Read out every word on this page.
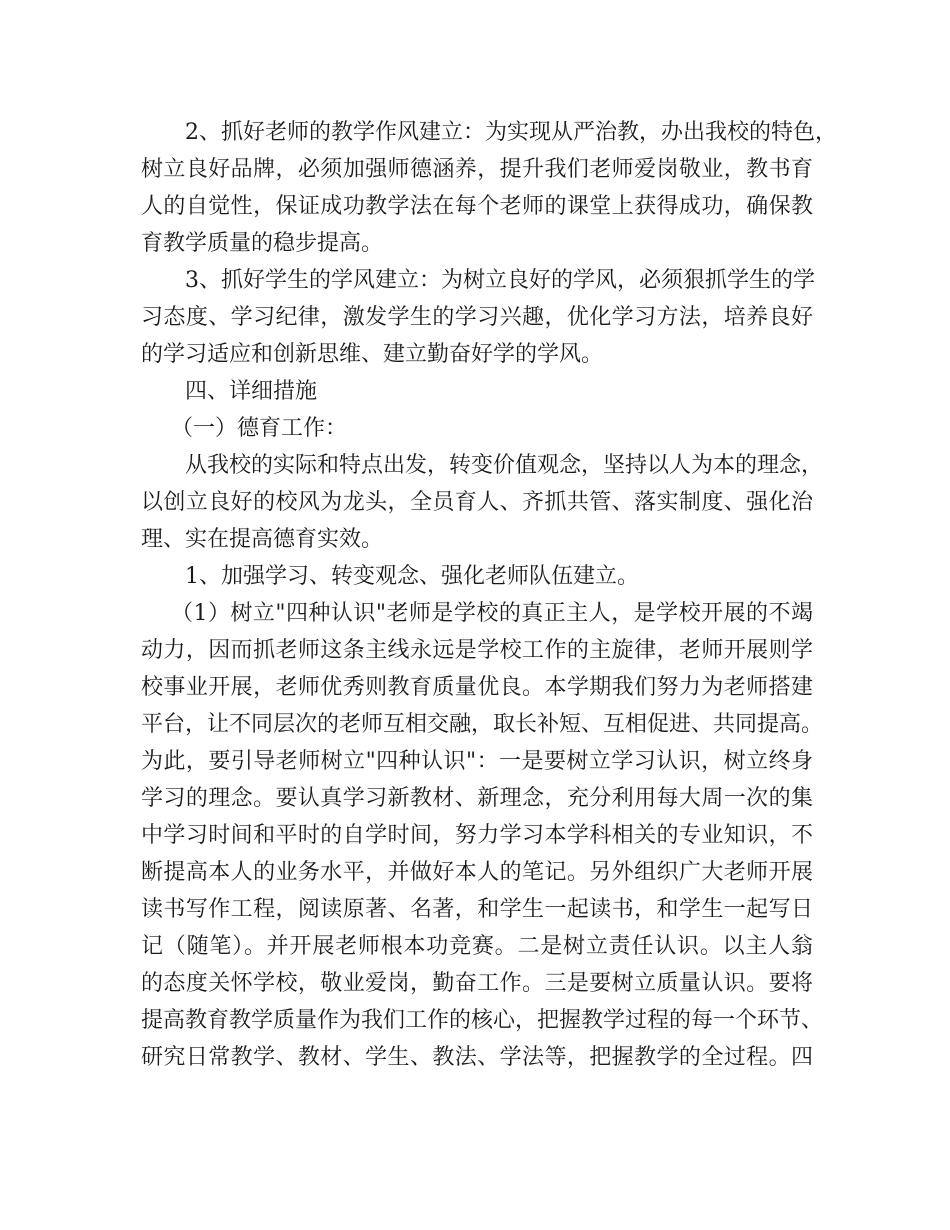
2、抓好老师的教学作风建立：为实现从严治教，办出我校的特色，
树立良好品牌，必须加强师德涵养，提升我们老师爱岗敬业，教书育
人的自觉性，保证成功教学法在每个老师的课堂上获得成功，确保教
育教学质量的稳步提高。
3、抓好学生的学风建立：为树立良好的学风，必须狠抓学生的学
习态度、学习纪律，激发学生的学习兴趣，优化学习方法，培养良好
的学习适应和创新思维、建立勤奋好学的学风。
四、详细措施
（一）德育工作：
从我校的实际和特点出发，转变价值观念，坚持以人为本的理念，
以创立良好的校风为龙头，全员育人、齐抓共管、落实制度、强化治
理、实在提高德育实效。
1、加强学习、转变观念、强化老师队伍建立。
（1）树立"四种认识"老师是学校的真正主人，是学校开展的不竭
动力，因而抓老师这条主线永远是学校工作的主旋律，老师开展则学
校事业开展，老师优秀则教育质量优良。本学期我们努力为老师搭建
平台，让不同层次的老师互相交融，取长补短、互相促进、共同提高。
为此，要引导老师树立"四种认识"：一是要树立学习认识，树立终身
学习的理念。要认真学习新教材、新理念，充分利用每大周一次的集
中学习时间和平时的自学时间，努力学习本学科相关的专业知识，不
断提高本人的业务水平，并做好本人的笔记。另外组织广大老师开展
读书写作工程，阅读原著、名著，和学生一起读书，和学生一起写日
记（随笔）。并开展老师根本功竞赛。二是树立责任认识。以主人翁
的态度关怀学校，敬业爱岗，勤奋工作。三是要树立质量认识。要将
提高教育教学质量作为我们工作的核心，把握教学过程的每一个环节、
研究日常教学、教材、学生、教法、学法等，把握教学的全过程。四
